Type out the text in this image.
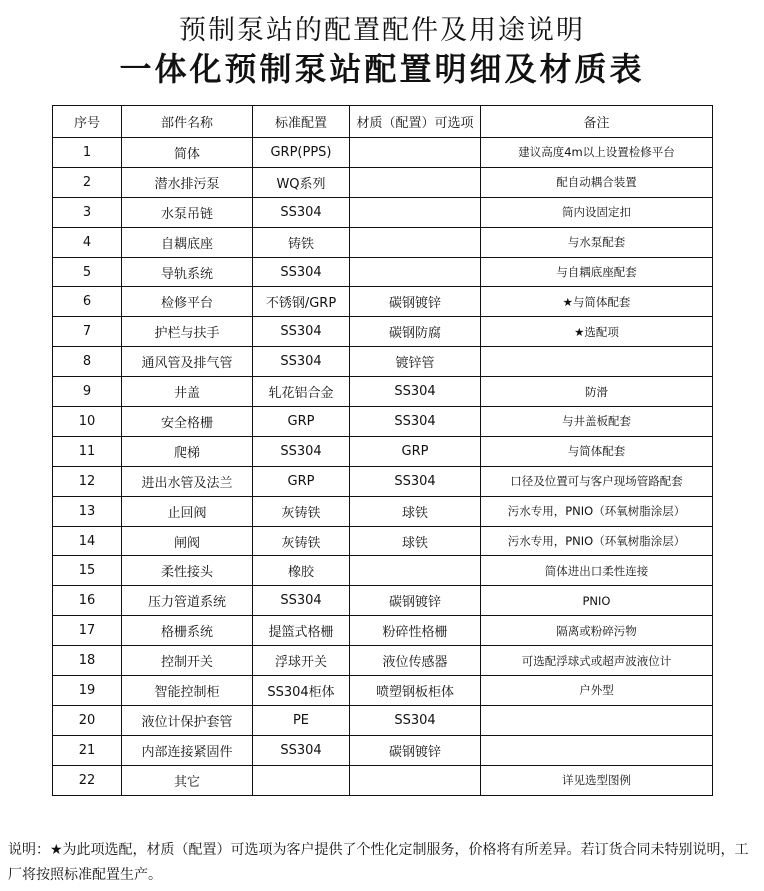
预制泵站的配置配件及用途说明
一体化预制泵站配置明细及材质表
序号	部件名称	标准配置	材质（配置）可选项	备注
1	简体	GRP(PPS)		建议高度4m以上设置检修平台
2	潜水排污泵	WQ系列		配自动耦合装置
3	水泵吊链	SS304		筒内设固定扣
4	自耦底座	铸铁		与水泵配套
5	导轨系统	SS304		与自耦底座配套
6	检修平台	不锈钢/GRP	碳钢镀锌	★与简体配套
7	护栏与扶手	SS304	碳钢防腐	★选配项
8	通风管及排气管	SS304	镀锌管	
9	井盖	轧花铝合金	SS304	防滑
10	安全格栅	GRP	SS304	与井盖板配套
11	爬梯	SS304	GRP	与简体配套
12	进出水管及法兰	GRP	SS304	口径及位置可与客户现场管路配套
13	止回阀	灰铸铁	球铁	污水专用，PNIO（环氧树脂涂层）
14	闸阀	灰铸铁	球铁	污水专用，PNIO（环氧树脂涂层）
15	柔性接头	橡胶		简体进出口柔性连接
16	压力管道系统	SS304	碳钢镀锌	PNIO
17	格栅系统	提篮式格栅	粉碎性格栅	隔离或粉碎污物
18	控制开关	浮球开关	液位传感器	可选配浮球式或超声波液位计
19	智能控制柜	SS304柜体	喷塑钢板柜体	户外型
20	液位计保护套管	PE	SS304	
21	内部连接紧固件	SS304	碳钢镀锌	
22	其它			详见选型图例
说明：★为此项选配，材质（配置）可选项为客户提供了个性化定制服务，价格将有所差异。若订货合同未特别说明，工厂将按照标准配置生产。
